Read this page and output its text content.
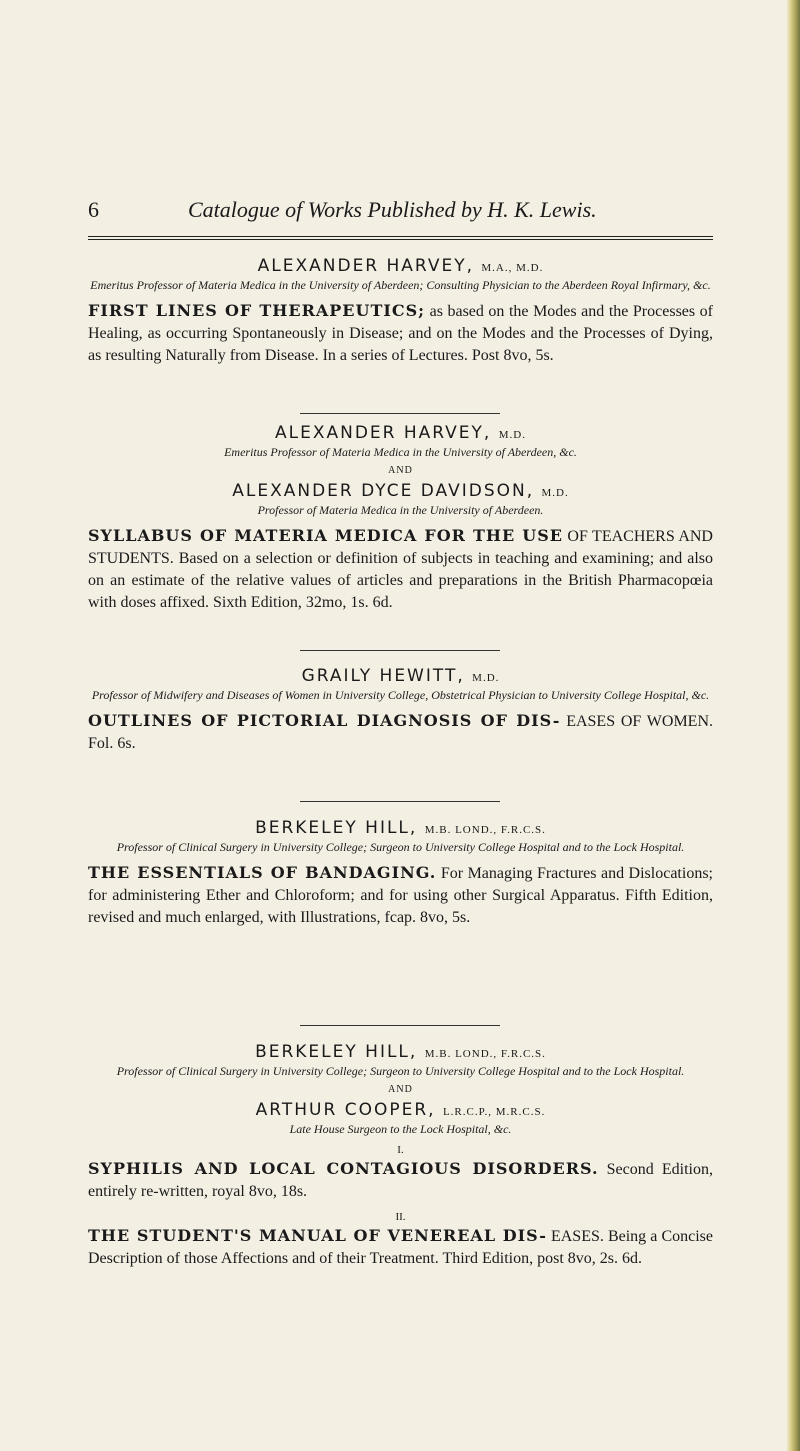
6	Catalogue of Works Published by H. K. Lewis.
ALEXANDER HARVEY, M.A., M.D.
Emeritus Professor of Materia Medica in the University of Aberdeen; Consulting Physician to the Aberdeen Royal Infirmary, &c.
FIRST LINES OF THERAPEUTICS; as based on the Modes and the Processes of Healing, as occurring Spontaneously in Disease; and on the Modes and the Processes of Dying, as resulting Naturally from Disease. In a series of Lectures. Post 8vo, 5s.
ALEXANDER HARVEY, M.D.
Emeritus Professor of Materia Medica in the University of Aberdeen, &c.
AND
ALEXANDER DYCE DAVIDSON, M.D.
Professor of Materia Medica in the University of Aberdeen.
SYLLABUS OF MATERIA MEDICA FOR THE USE OF TEACHERS AND STUDENTS. Based on a selection or definition of subjects in teaching and examining; and also on an estimate of the relative values of articles and preparations in the British Pharmacopœia with doses affixed. Sixth Edition, 32mo, 1s. 6d.
GRAILY HEWITT, M.D.
Professor of Midwifery and Diseases of Women in University College, Obstetrical Physician to University College Hospital, &c.
OUTLINES OF PICTORIAL DIAGNOSIS OF DIS- EASES OF WOMEN. Fol. 6s.
BERKELEY HILL, M.B. LOND., F.R.C.S.
Professor of Clinical Surgery in University College; Surgeon to University College Hospital and to the Lock Hospital.
THE ESSENTIALS OF BANDAGING. For Managing Fractures and Dislocations; for administering Ether and Chloroform; and for using other Surgical Apparatus. Fifth Edition, revised and much enlarged, with Illustrations, fcap. 8vo, 5s.
BERKELEY HILL, M.B. LOND., F.R.C.S.
Professor of Clinical Surgery in University College; Surgeon to University College Hospital and to the Lock Hospital.
AND
ARTHUR COOPER, L.R.C.P., M.R.C.S.
Late House Surgeon to the Lock Hospital, &c.
I.
SYPHILIS AND LOCAL CONTAGIOUS DISORDERS. Second Edition, entirely re-written, royal 8vo, 18s.
II.
THE STUDENT'S MANUAL OF VENEREAL DIS- EASES. Being a Concise Description of those Affections and of their Treatment. Third Edition, post 8vo, 2s. 6d.
